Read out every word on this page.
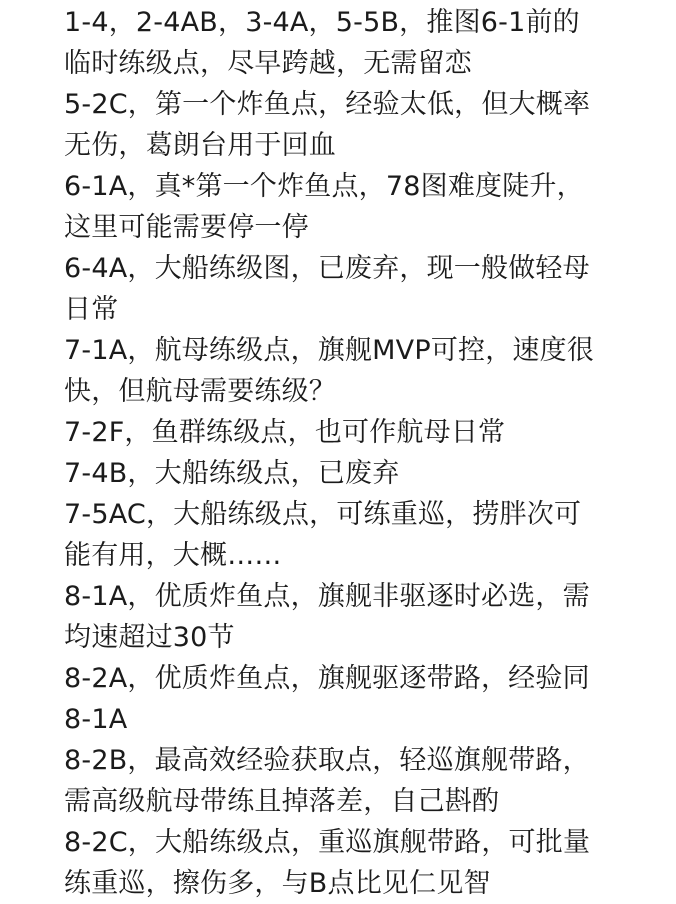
1-4，2-4AB，3-4A，5-5B，推图6-1前的
临时练级点，尽早跨越，无需留恋
5-2C，第一个炸鱼点，经验太低，但大概率
无伤，葛朗台用于回血
6-1A，真*第一个炸鱼点，78图难度陡升，
这里可能需要停一停
6-4A，大船练级图，已废弃，现一般做轻母
日常
7-1A，航母练级点，旗舰MVP可控，速度很
快，但航母需要练级？
7-2F，鱼群练级点，也可作航母日常
7-4B，大船练级点，已废弃
7-5AC，大船练级点，可练重巡，捞胖次可
能有用，大概……
8-1A，优质炸鱼点，旗舰非驱逐时必选，需
均速超过30节
8-2A，优质炸鱼点，旗舰驱逐带路，经验同
8-1A
8-2B，最高效经验获取点，轻巡旗舰带路，
需高级航母带练且掉落差，自己斟酌
8-2C，大船练级点，重巡旗舰带路，可批量
练重巡，擦伤多，与B点比见仁见智
